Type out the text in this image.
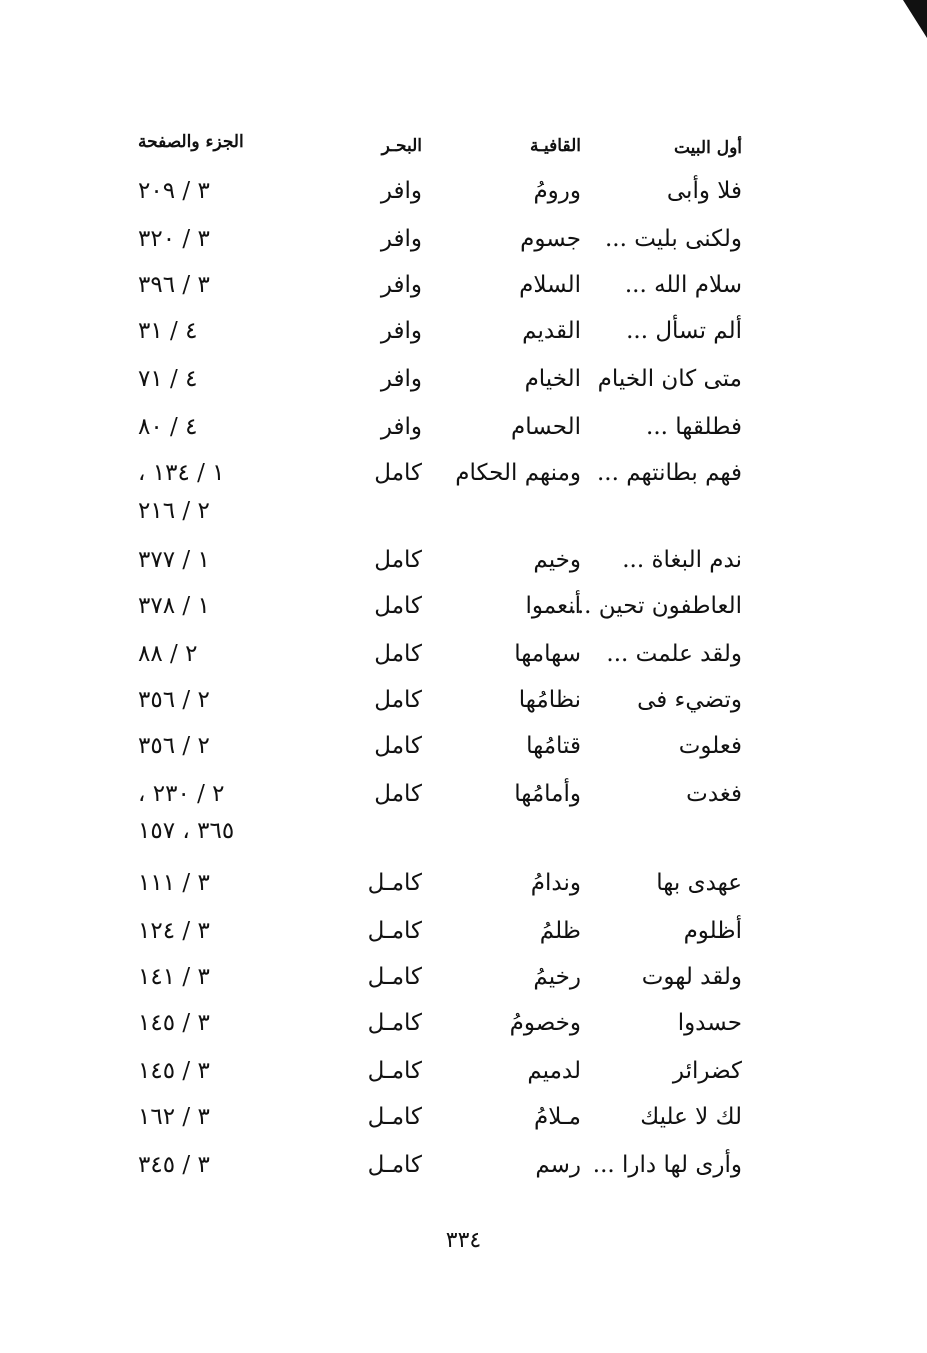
أول البيت
القافيـة
البحـر
الجزء والصفحة
فلا وأبى
ورومُ
وافر
٣ / ٢٠٩
ولكنى بليت ...
جسوم
وافر
٣ / ٣٢٠
سلام الله ...
السلام
وافر
٣ / ٣٩٦
ألم تسأل ...
القديم
وافر
٤ / ٣١
متى كان الخيام
الخيام
وافر
٤ / ٧١
فطلقها ...
الحسام
وافر
٤ / ٨٠
فهم بطانتهم ...
ومنهم الحكام
كامل
١ / ١٣٤ ،
٢ / ٢١٦
ندم البغاة ...
وخيم
كامل
١ / ٣٧٧
العاطفون تحين ...
أنعموا
كامل
١ / ٣٧٨
ولقد علمت ...
سهامها
كامل
٢ / ٨٨
وتضيء فى
نظامُها
كامل
٢ / ٣٥٦
فعلوت
قتامُها
كامل
٢ / ٣٥٦
فغدت
وأمامُها
كامل
٢ / ٢٣٠ ،
٣٦٥ ، ١٥٧
عهدى بها
وندامُ
كامـل
٣ / ١١١
أظلوم
ظلمُ
كامـل
٣ / ١٢٤
ولقد لهوت
رخيمُ
كامـل
٣ / ١٤١
حسدوا
وخصومُ
كامـل
٣ / ١٤٥
كضرائر
لدميم
كامـل
٣ / ١٤٥
لك لا عليك
مـلامُ
كامـل
٣ / ١٦٢
وأرى لها دارا ...
رسم
كامـل
٣ / ٣٤٥
٣٣٤
